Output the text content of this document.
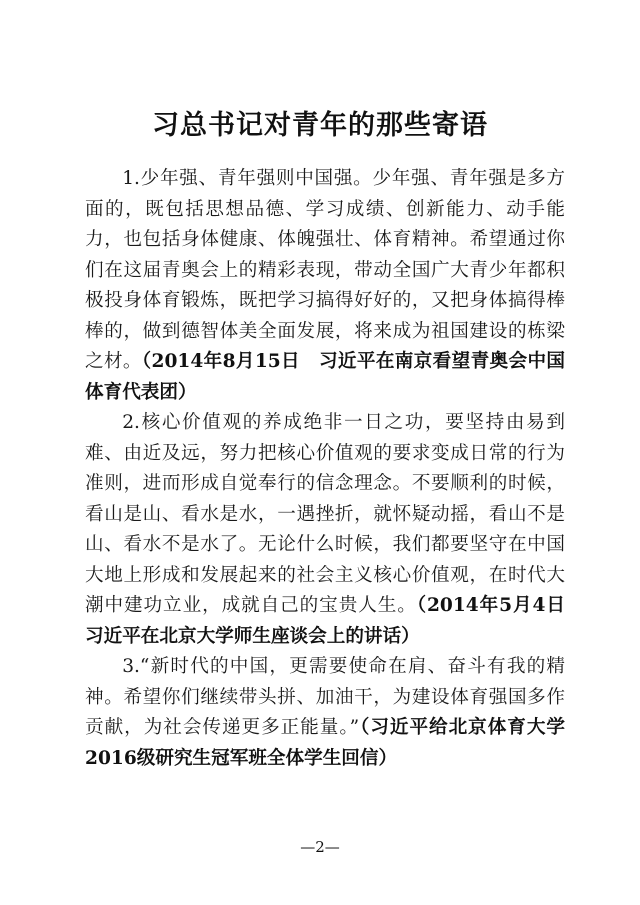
习总书记对青年的那些寄语

1.少年强、青年强则中国强。少年强、青年强是多方面的，既包括思想品德、学习成绩、创新能力、动手能力，也包括身体健康、体魄强壮、体育精神。希望通过你们在这届青奥会上的精彩表现，带动全国广大青少年都积极投身体育锻炼，既把学习搞得好好的，又把身体搞得棒棒的，做到德智体美全面发展，将来成为祖国建设的栋梁之材。（2014年8月15日　习近平在南京看望青奥会中国体育代表团）

2.核心价值观的养成绝非一日之功，要坚持由易到难、由近及远，努力把核心价值观的要求变成日常的行为准则，进而形成自觉奉行的信念理念。不要顺利的时候，看山是山、看水是水，一遇挫折，就怀疑动摇，看山不是山、看水不是水了。无论什么时候，我们都要坚守在中国大地上形成和发展起来的社会主义核心价值观，在时代大潮中建功立业，成就自己的宝贵人生。（2014年5月4日　习近平在北京大学师生座谈会上的讲话）

3.“新时代的中国，更需要使命在肩、奋斗有我的精神。希望你们继续带头拼、加油干，为建设体育强国多作贡献，为社会传递更多正能量。”（习近平给北京体育大学2016级研究生冠军班全体学生回信）

—2—
